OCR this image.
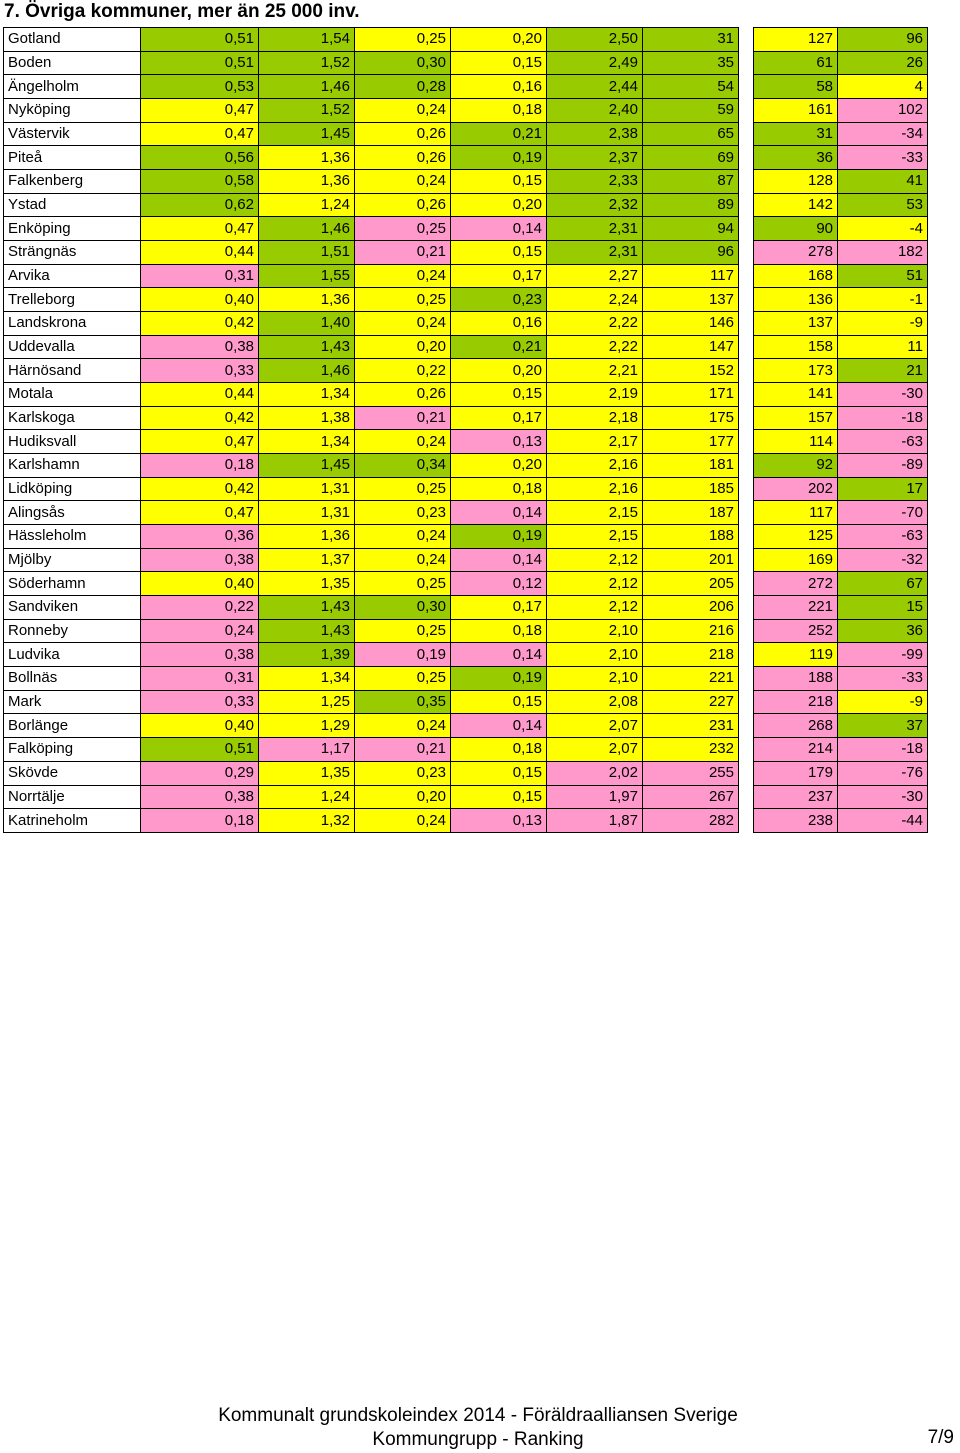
7. Övriga kommuner, mer än 25 000 inv.
Gotland	0,51	1,54	0,25	0,20	2,50	31		127	96
Boden	0,51	1,52	0,30	0,15	2,49	35		61	26
Ängelholm	0,53	1,46	0,28	0,16	2,44	54		58	4
Nyköping	0,47	1,52	0,24	0,18	2,40	59		161	102
Västervik	0,47	1,45	0,26	0,21	2,38	65		31	-34
Piteå	0,56	1,36	0,26	0,19	2,37	69		36	-33
Falkenberg	0,58	1,36	0,24	0,15	2,33	87		128	41
Ystad	0,62	1,24	0,26	0,20	2,32	89		142	53
Enköping	0,47	1,46	0,25	0,14	2,31	94		90	-4
Strängnäs	0,44	1,51	0,21	0,15	2,31	96		278	182
Arvika	0,31	1,55	0,24	0,17	2,27	117		168	51
Trelleborg	0,40	1,36	0,25	0,23	2,24	137		136	-1
Landskrona	0,42	1,40	0,24	0,16	2,22	146		137	-9
Uddevalla	0,38	1,43	0,20	0,21	2,22	147		158	11
Härnösand	0,33	1,46	0,22	0,20	2,21	152		173	21
Motala	0,44	1,34	0,26	0,15	2,19	171		141	-30
Karlskoga	0,42	1,38	0,21	0,17	2,18	175		157	-18
Hudiksvall	0,47	1,34	0,24	0,13	2,17	177		114	-63
Karlshamn	0,18	1,45	0,34	0,20	2,16	181		92	-89
Lidköping	0,42	1,31	0,25	0,18	2,16	185		202	17
Alingsås	0,47	1,31	0,23	0,14	2,15	187		117	-70
Hässleholm	0,36	1,36	0,24	0,19	2,15	188		125	-63
Mjölby	0,38	1,37	0,24	0,14	2,12	201		169	-32
Söderhamn	0,40	1,35	0,25	0,12	2,12	205		272	67
Sandviken	0,22	1,43	0,30	0,17	2,12	206		221	15
Ronneby	0,24	1,43	0,25	0,18	2,10	216		252	36
Ludvika	0,38	1,39	0,19	0,14	2,10	218		119	-99
Bollnäs	0,31	1,34	0,25	0,19	2,10	221		188	-33
Mark	0,33	1,25	0,35	0,15	2,08	227		218	-9
Borlänge	0,40	1,29	0,24	0,14	2,07	231		268	37
Falköping	0,51	1,17	0,21	0,18	2,07	232		214	-18
Skövde	0,29	1,35	0,23	0,15	2,02	255		179	-76
Norrtälje	0,38	1,24	0,20	0,15	1,97	267		237	-30
Katrineholm	0,18	1,32	0,24	0,13	1,87	282		238	-44
Kommunalt grundskoleindex 2014 - Föräldraalliansen Sverige
Kommungrupp - Ranking	7/9
